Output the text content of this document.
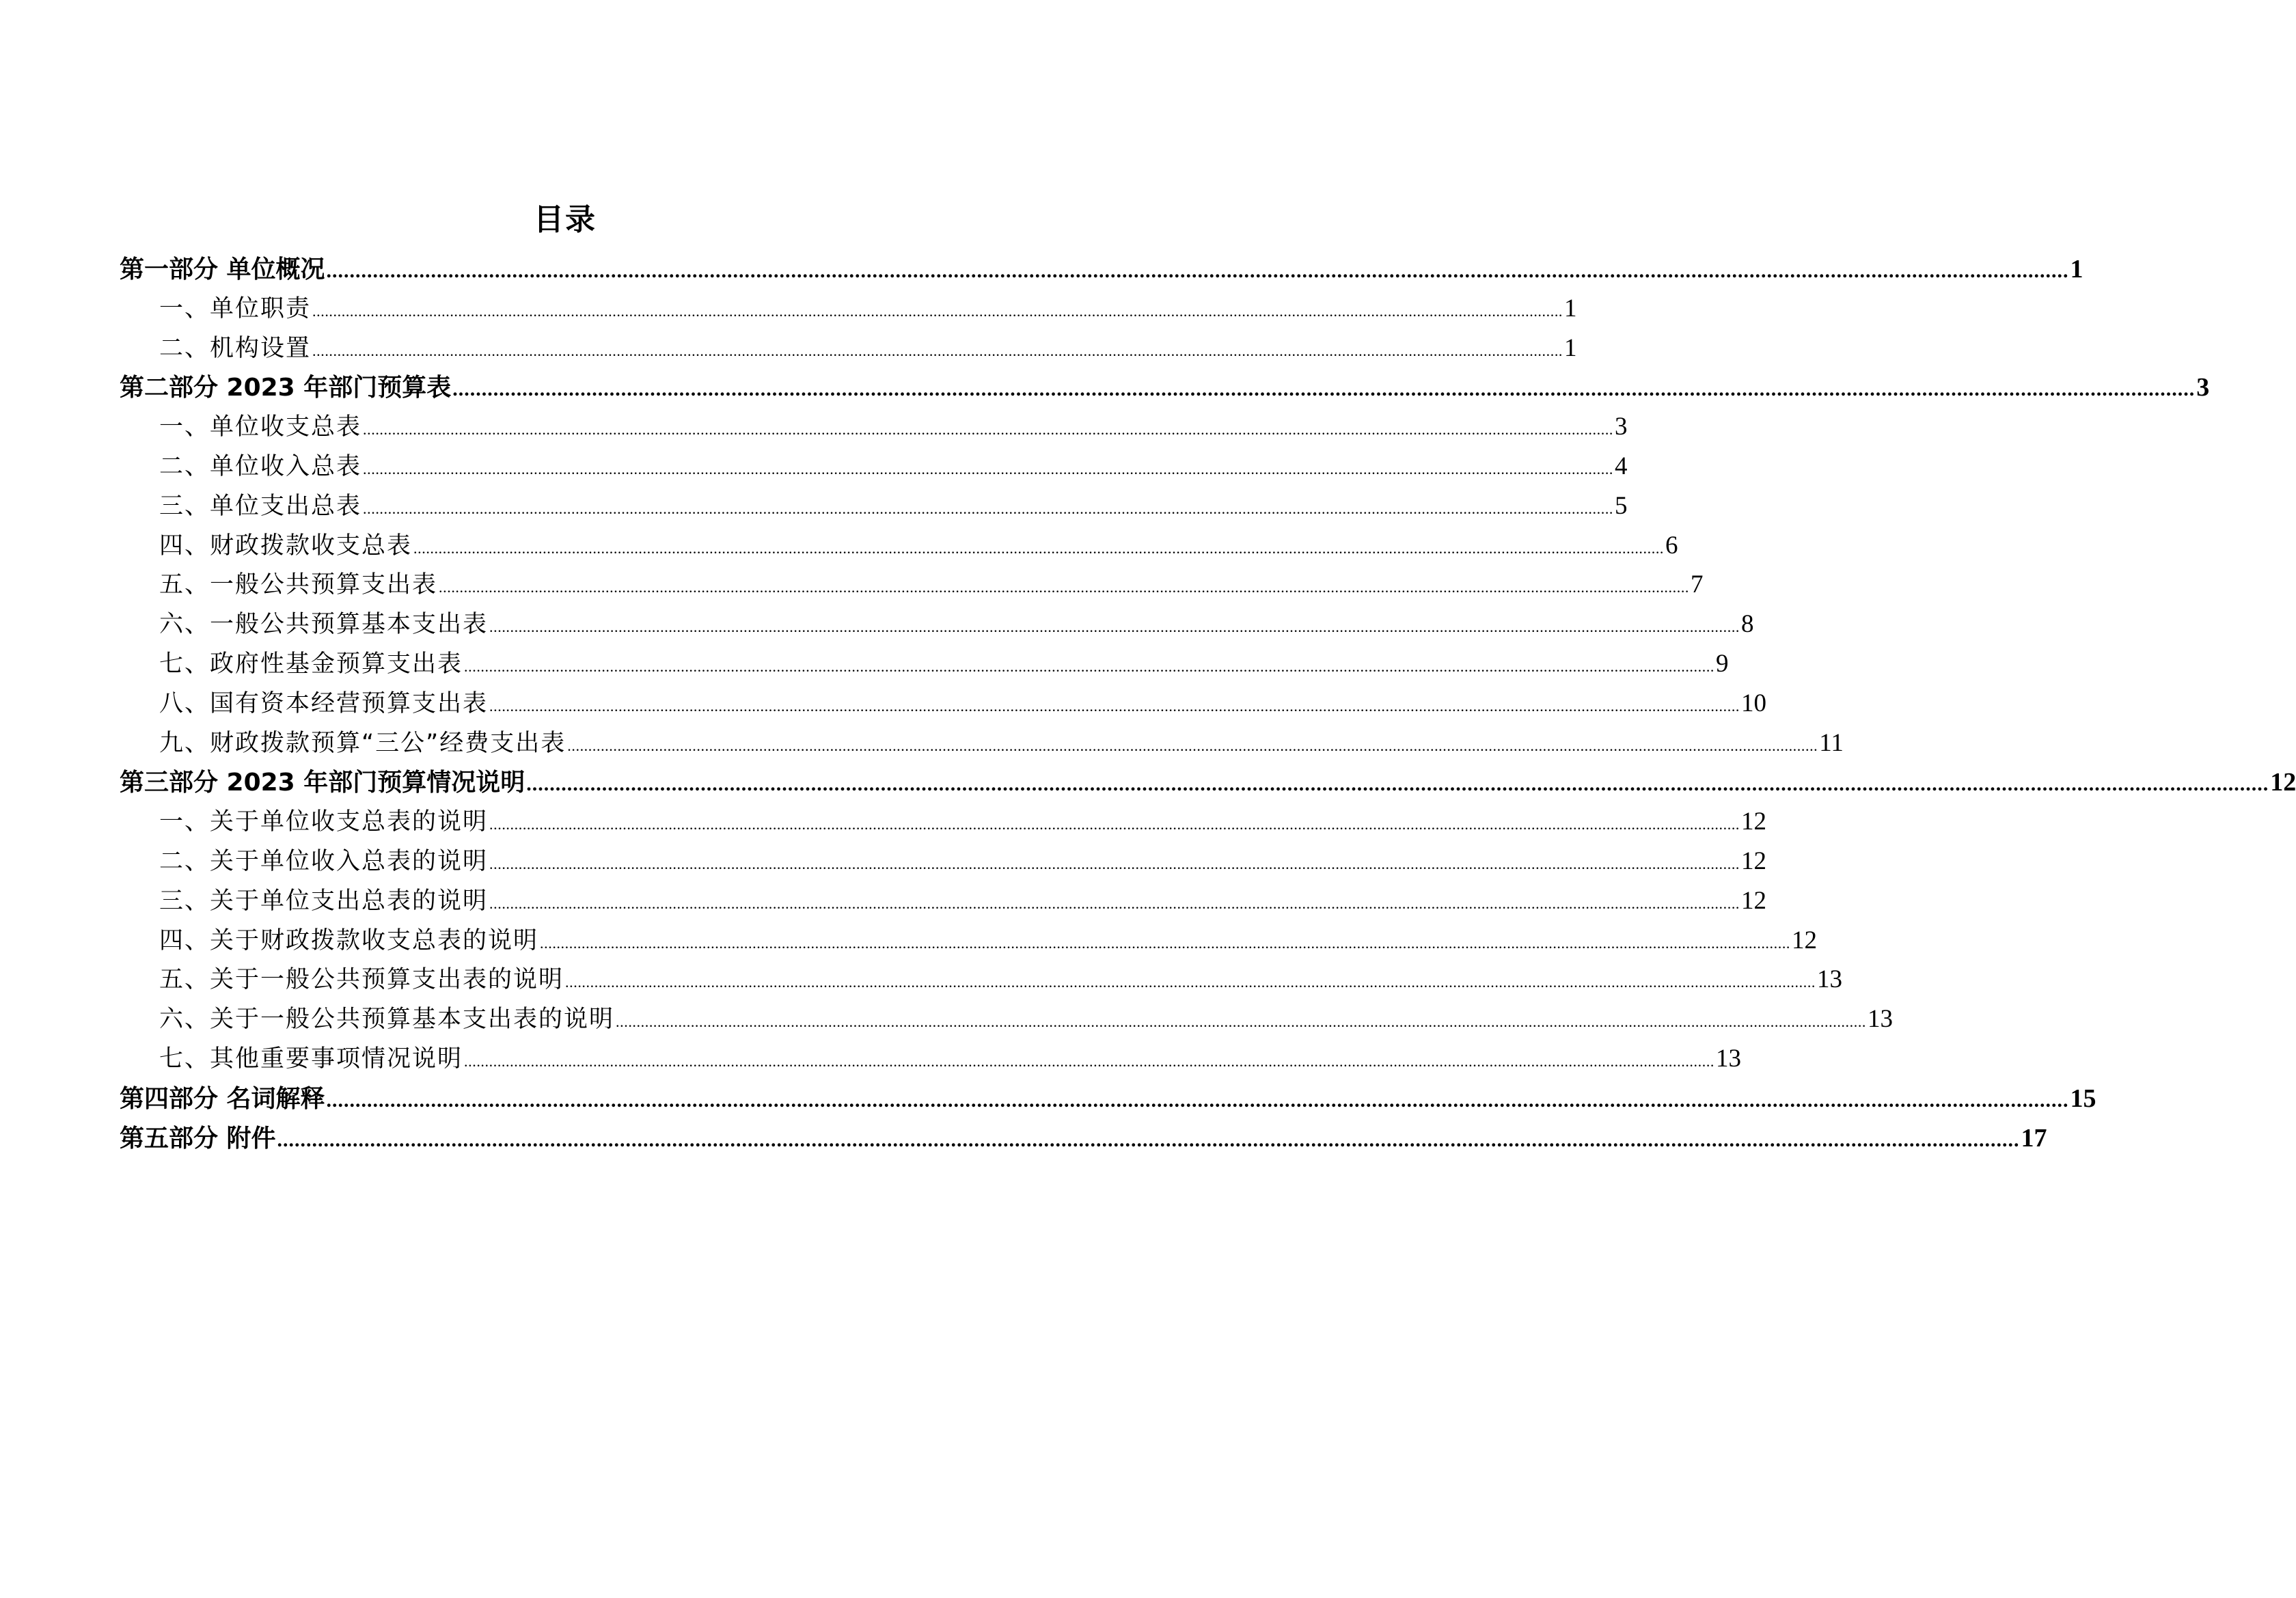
目录
第一部分 单位概况 ............................................................................................................................................................................................................................................................................................................ 1
一、单位职责 ............................................................................................................................................................................................................................................................................................................ 1
二、机构设置 ............................................................................................................................................................................................................................................................................................................ 1
第二部分 2023 年部门预算表 ............................................................................................................................................................................................................................................................................................................ 3
一、单位收支总表 ............................................................................................................................................................................................................................................................................................................ 3
二、单位收入总表 ............................................................................................................................................................................................................................................................................................................ 4
三、单位支出总表 ............................................................................................................................................................................................................................................................................................................ 5
四、财政拨款收支总表 ............................................................................................................................................................................................................................................................................................................ 6
五、一般公共预算支出表 ............................................................................................................................................................................................................................................................................................................ 7
六、一般公共预算基本支出表 ............................................................................................................................................................................................................................................................................................................ 8
七、政府性基金预算支出表 ............................................................................................................................................................................................................................................................................................................ 9
八、国有资本经营预算支出表 ............................................................................................................................................................................................................................................................................................................ 10
九、财政拨款预算“三公”经费支出表 ............................................................................................................................................................................................................................................................................................................ 11
第三部分 2023 年部门预算情况说明 ............................................................................................................................................................................................................................................................................................................ 12
一、关于单位收支总表的说明 ............................................................................................................................................................................................................................................................................................................ 12
二、关于单位收入总表的说明 ............................................................................................................................................................................................................................................................................................................ 12
三、关于单位支出总表的说明 ............................................................................................................................................................................................................................................................................................................ 12
四、关于财政拨款收支总表的说明 ............................................................................................................................................................................................................................................................................................................ 12
五、关于一般公共预算支出表的说明 ............................................................................................................................................................................................................................................................................................................ 13
六、关于一般公共预算基本支出表的说明 ............................................................................................................................................................................................................................................................................................................ 13
七、其他重要事项情况说明 ............................................................................................................................................................................................................................................................................................................ 13
第四部分 名词解释 ............................................................................................................................................................................................................................................................................................................ 15
第五部分 附件 ............................................................................................................................................................................................................................................................................................................ 17
